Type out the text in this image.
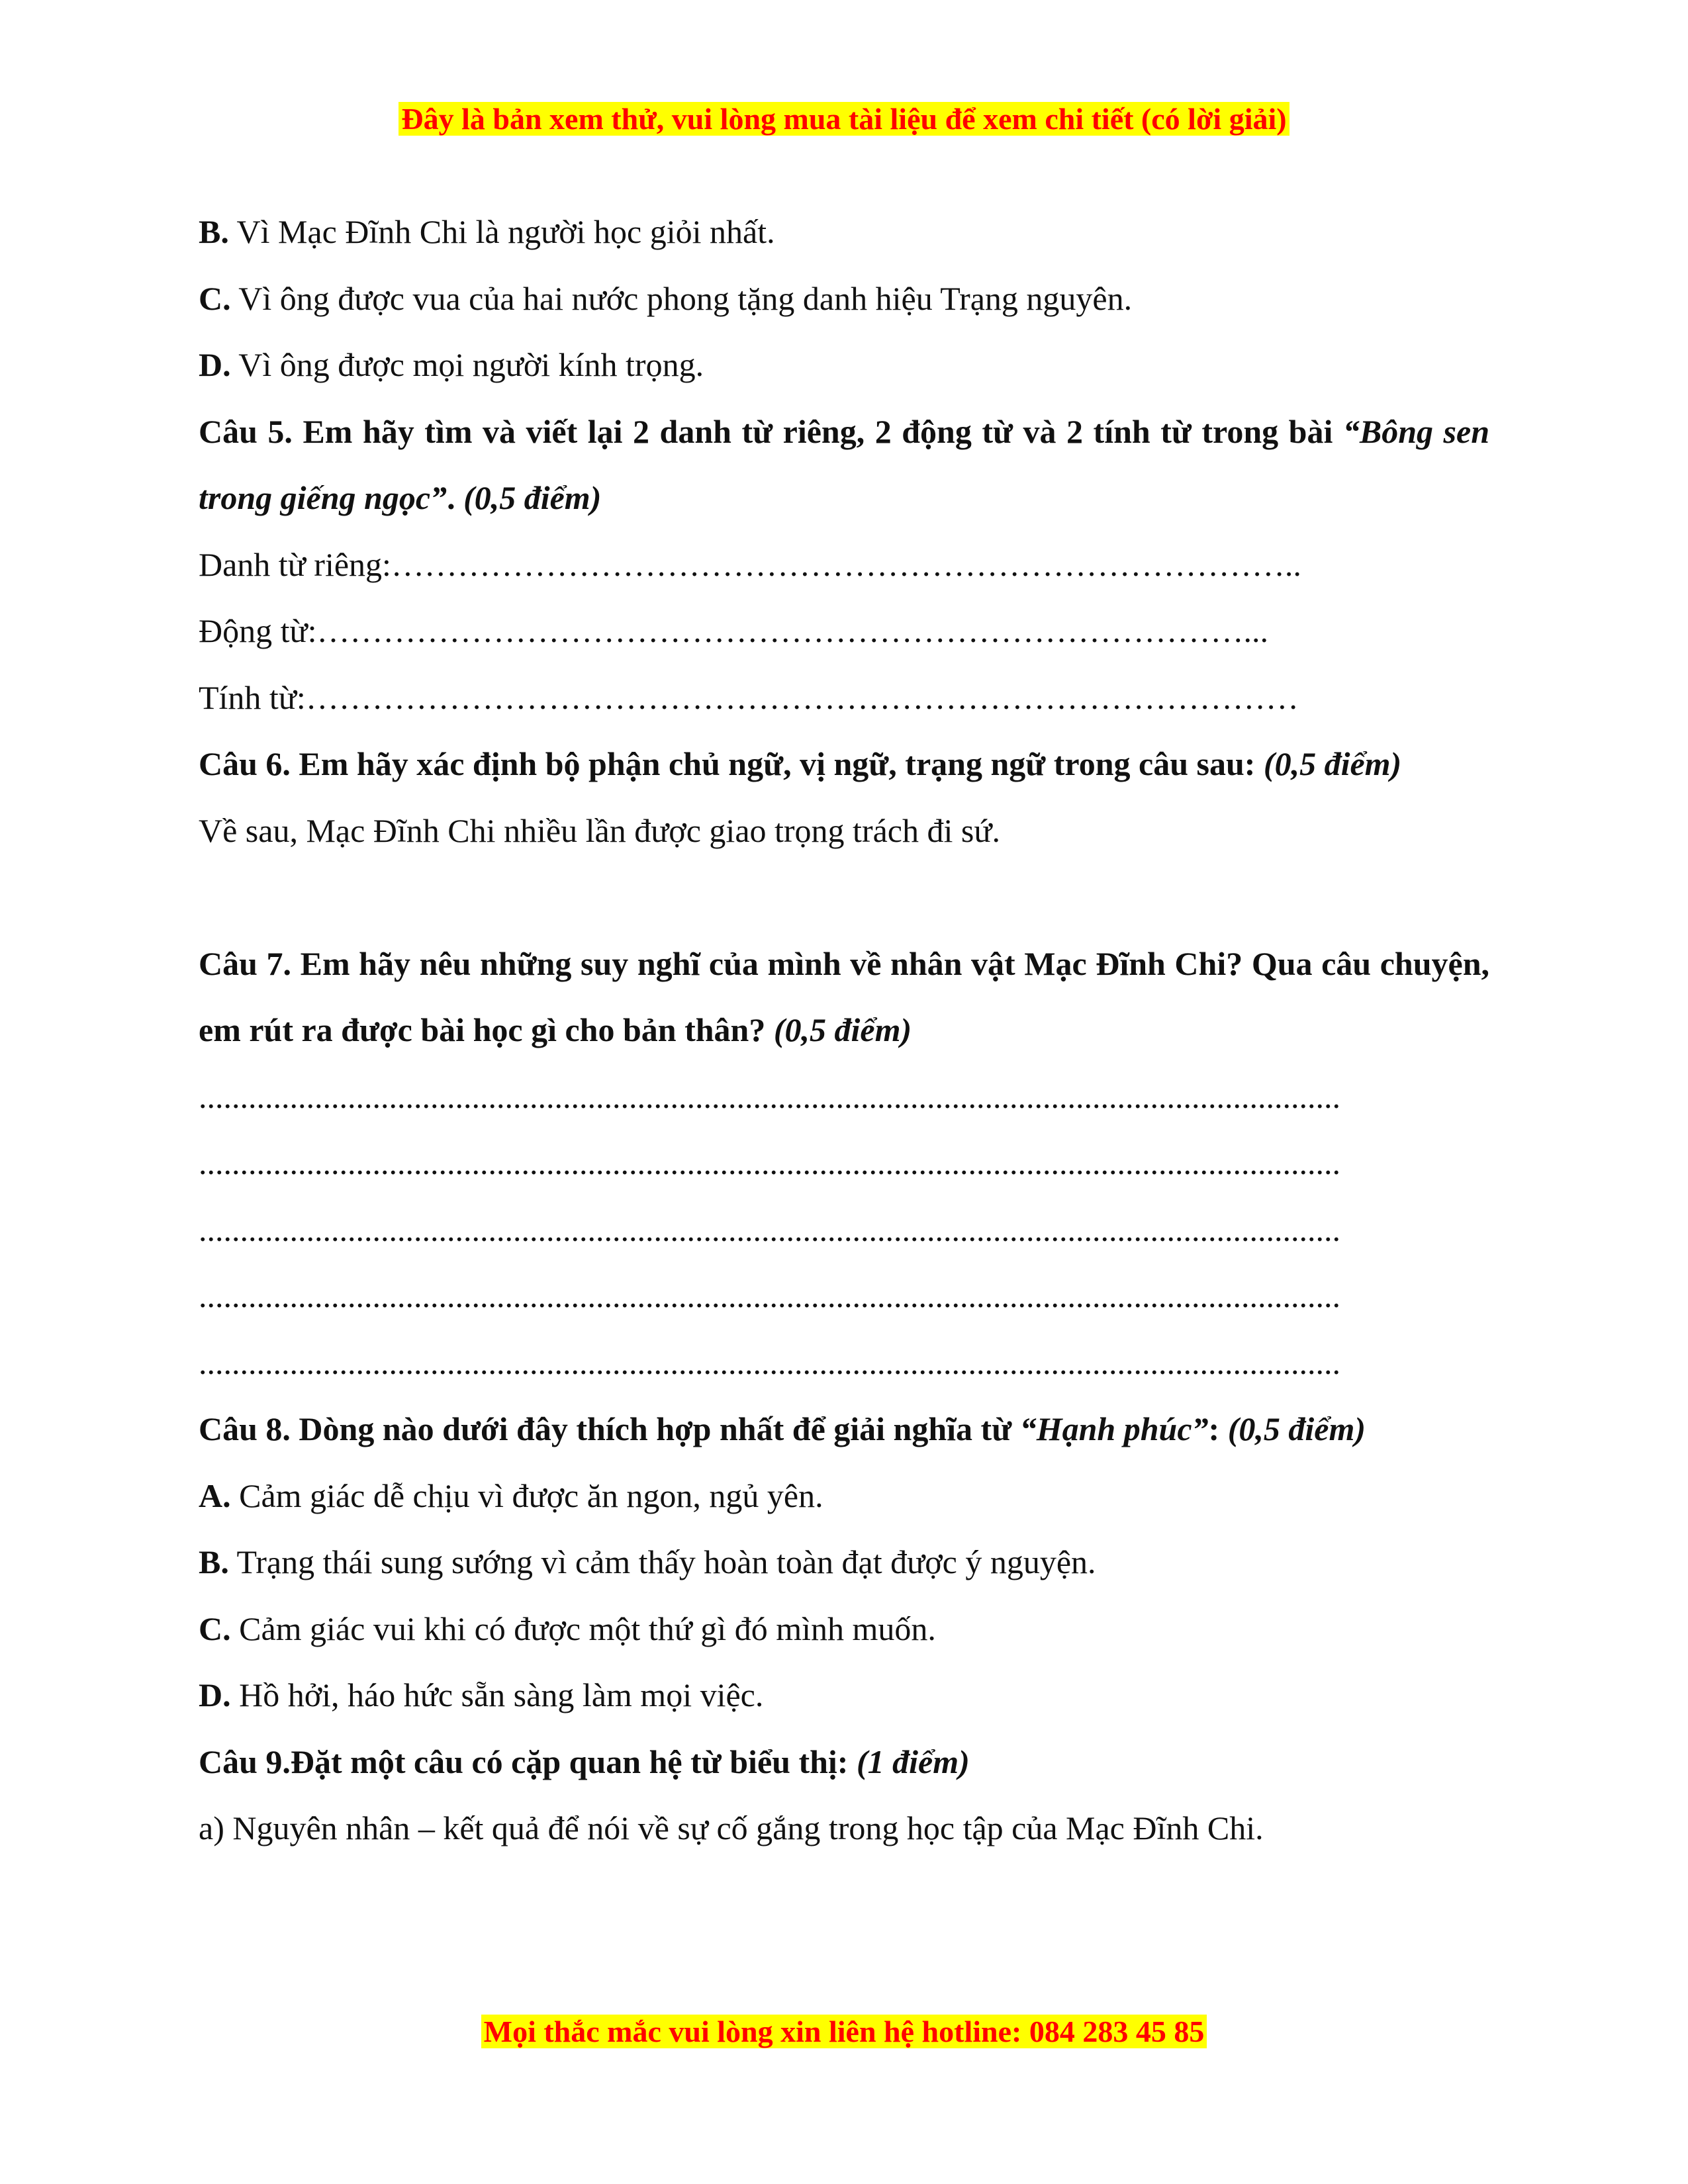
Đây là bản xem thử, vui lòng mua tài liệu để xem chi tiết (có lời giải)
B. Vì Mạc Đĩnh Chi là người học giỏi nhất.
C. Vì ông được vua của hai nước phong tặng danh hiệu Trạng nguyên.
D. Vì ông được mọi người kính trọng.
Câu 5. Em hãy tìm và viết lại 2 danh từ riêng, 2 động từ và 2 tính từ trong bài “Bông sen trong giếng ngọc”. (0,5 điểm)
Danh từ riêng:………………………………………………………………………..
Động từ:…………………………………………………………………………...
Tính từ:………………………………………………………………………………
Câu 6. Em hãy xác định bộ phận chủ ngữ, vị ngữ, trạng ngữ trong câu sau: (0,5 điểm)
Về sau, Mạc Đĩnh Chi nhiều lần được giao trọng trách đi sứ.
Câu 7. Em hãy nêu những suy nghĩ của mình về nhân vật Mạc Đĩnh Chi? Qua câu chuyện, em rút ra được bài học gì cho bản thân? (0,5 điểm)
..........................................................................................................................................
..........................................................................................................................................
..........................................................................................................................................
..........................................................................................................................................
..........................................................................................................................................
Câu 8. Dòng nào dưới đây thích hợp nhất để giải nghĩa từ “Hạnh phúc”: (0,5 điểm)
A. Cảm giác dễ chịu vì được ăn ngon, ngủ yên.
B. Trạng thái sung sướng vì cảm thấy hoàn toàn đạt được ý nguyện.
C. Cảm giác vui khi có được một thứ gì đó mình muốn.
D. Hồ hởi, háo hức sẵn sàng làm mọi việc.
Câu 9.Đặt một câu có cặp quan hệ từ biểu thị: (1 điểm)
a) Nguyên nhân – kết quả để nói về sự cố gắng trong học tập của Mạc Đĩnh Chi.
Mọi thắc mắc vui lòng xin liên hệ hotline: 084 283 45 85
